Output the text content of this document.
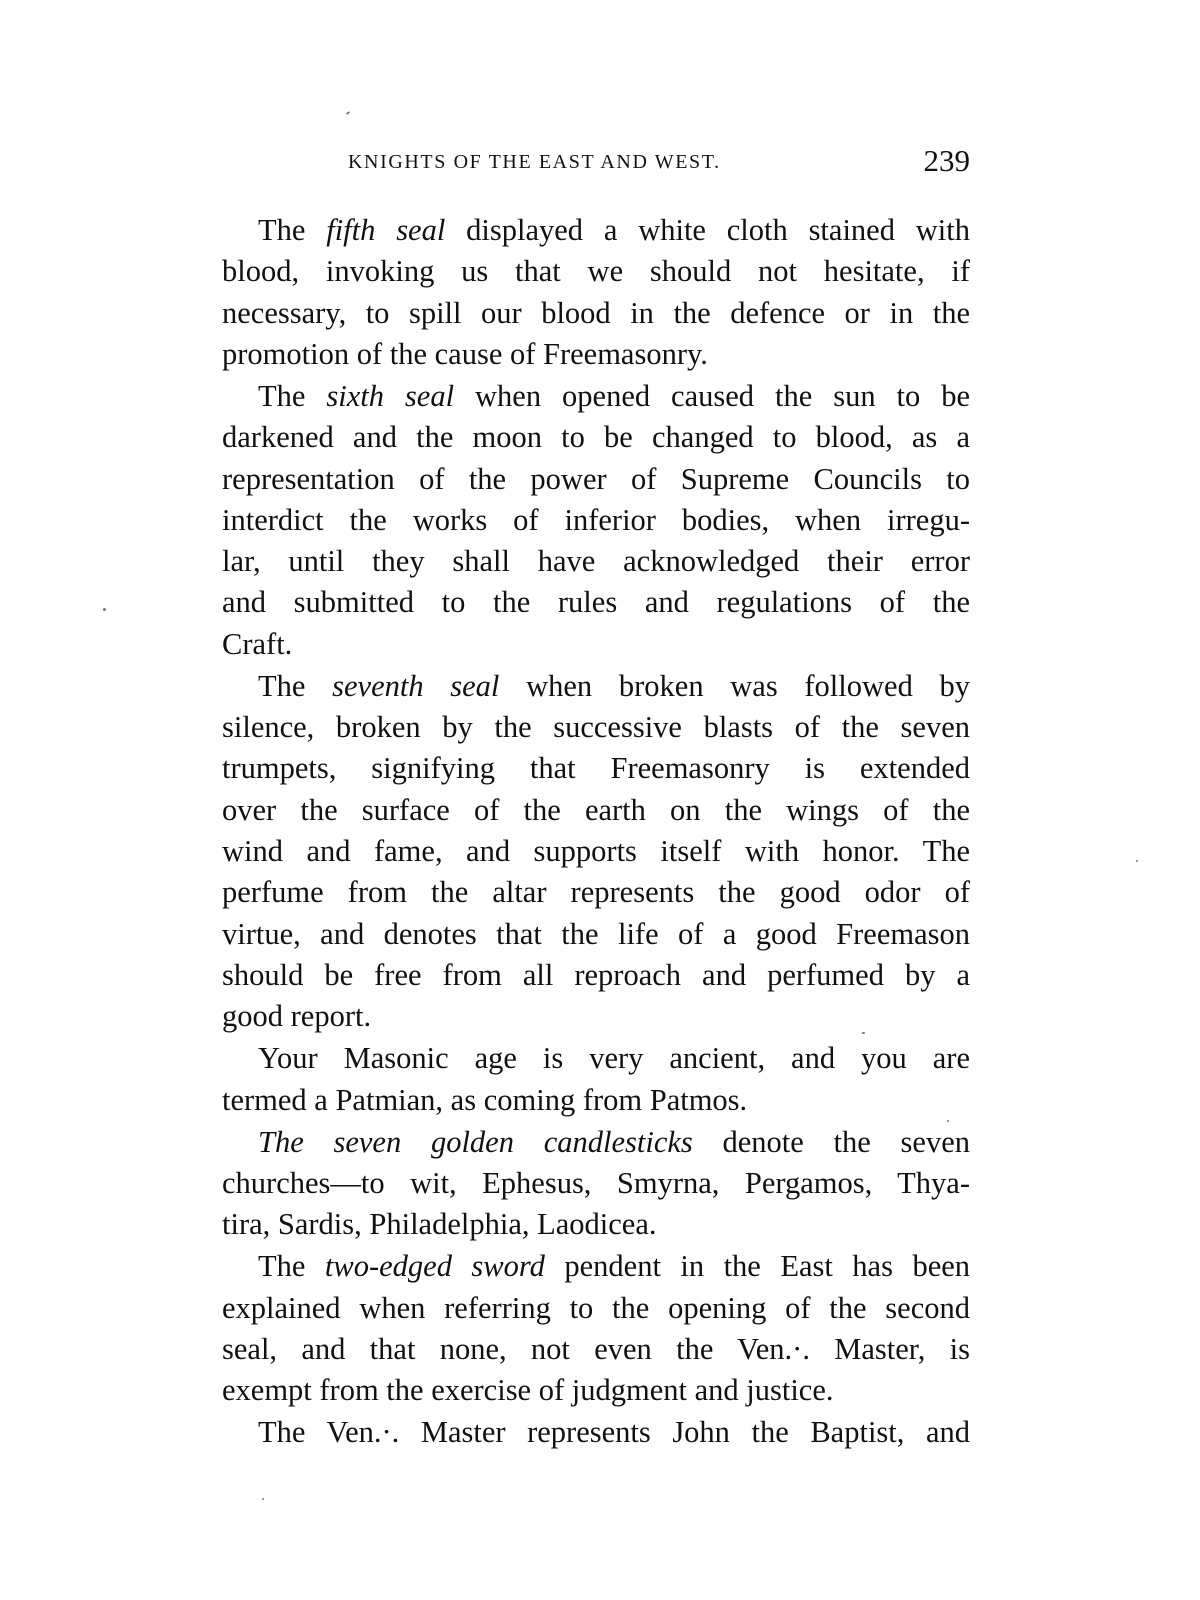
KNIGHTS OF THE EAST AND WEST.	239
The fifth seal displayed a white cloth stained with
blood, invoking us that we should not hesitate, if
necessary, to spill our blood in the defence or in the
promotion of the cause of Freemasonry.
The sixth seal when opened caused the sun to be
darkened and the moon to be changed to blood, as a
representation of the power of Supreme Councils to
interdict the works of inferior bodies, when irregu-
lar, until they shall have acknowledged their error
and submitted to the rules and regulations of the
Craft.
The seventh seal when broken was followed by
silence, broken by the successive blasts of the seven
trumpets, signifying that Freemasonry is extended
over the surface of the earth on the wings of the
wind and fame, and supports itself with honor. The
perfume from the altar represents the good odor of
virtue, and denotes that the life of a good Freemason
should be free from all reproach and perfumed by a
good report.
Your Masonic age is very ancient, and you are
termed a Patmian, as coming from Patmos.
The seven golden candlesticks denote the seven
churches—to wit, Ephesus, Smyrna, Pergamos, Thya-
tira, Sardis, Philadelphia, Laodicea.
The two-edged sword pendent in the East has been
explained when referring to the opening of the second
seal, and that none, not even the Ven.·. Master, is
exempt from the exercise of judgment and justice.
The Ven.·. Master represents John the Baptist, and
